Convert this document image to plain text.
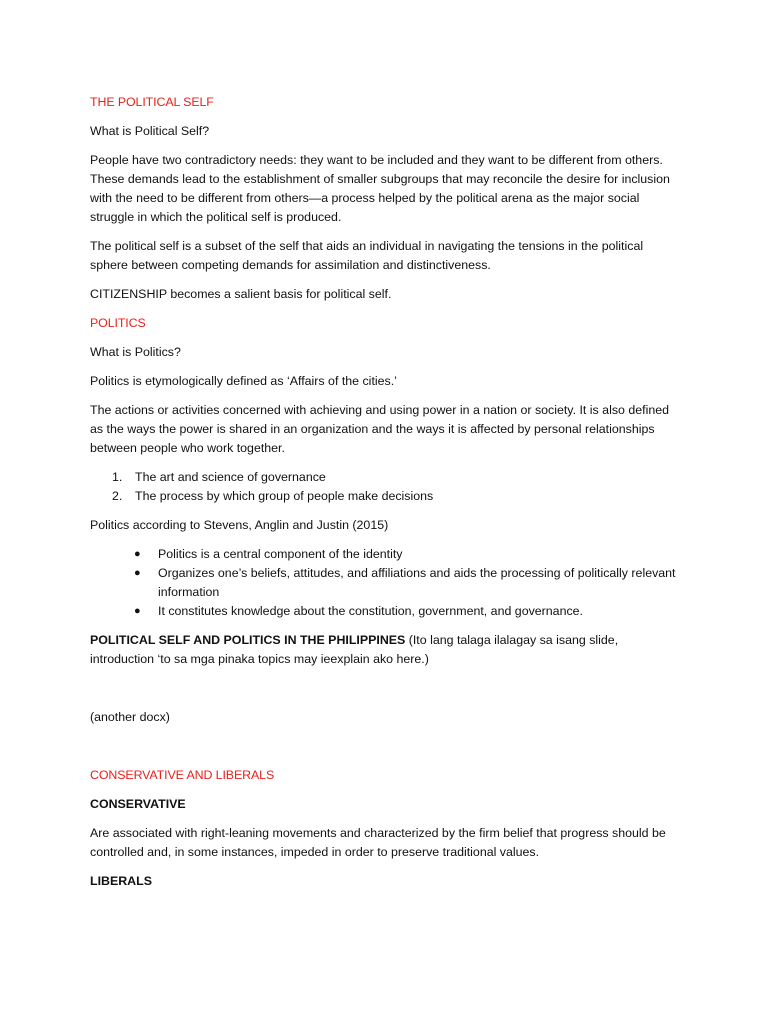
THE POLITICAL SELF

What is Political Self?

People have two contradictory needs: they want to be included and they want to be different from others. These demands lead to the establishment of smaller subgroups that may reconcile the desire for inclusion with the need to be different from others—a process helped by the political arena as the major social struggle in which the political self is produced.

The political self is a subset of the self that aids an individual in navigating the tensions in the political sphere between competing demands for assimilation and distinctiveness.

CITIZENSHIP becomes a salient basis for political self.

POLITICS

What is Politics?

Politics is etymologically defined as ‘Affairs of the cities.’

The actions or activities concerned with achieving and using power in a nation or society. It is also defined as the ways the power is shared in an organization and the ways it is affected by personal relationships between people who work together.

1. The art and science of governance
2. The process by which group of people make decisions

Politics according to Stevens, Anglin and Justin (2015)

● Politics is a central component of the identity
● Organizes one’s beliefs, attitudes, and affiliations and aids the processing of politically relevant information
● It constitutes knowledge about the constitution, government, and governance.

POLITICAL SELF AND POLITICS IN THE PHILIPPINES (Ito lang talaga ilalagay sa isang slide, introduction ‘to sa mga pinaka topics may ieexplain ako here.)

(another docx)

CONSERVATIVE AND LIBERALS

CONSERVATIVE

Are associated with right-leaning movements and characterized by the firm belief that progress should be controlled and, in some instances, impeded in order to preserve traditional values.

LIBERALS
